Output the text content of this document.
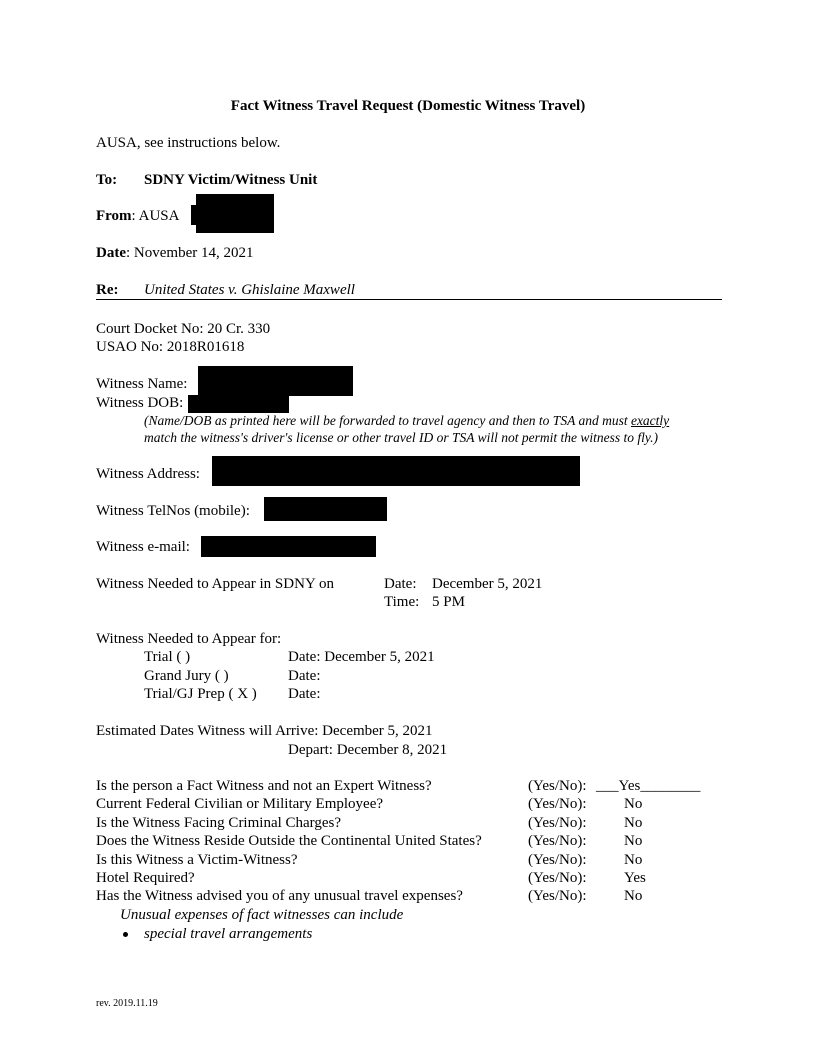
Fact Witness Travel Request (Domestic Witness Travel)
AUSA, see instructions below.
To: SDNY Victim/Witness Unit
From: AUSA
Date: November 14, 2021
Re: United States v. Ghislaine Maxwell
Court Docket No: 20 Cr. 330
USAO No: 2018R01618
Witness Name:
Witness DOB:
(Name/DOB as printed here will be forwarded to travel agency and then to TSA and must exactly
match the witness's driver's license or other travel ID or TSA will not permit the witness to fly.)
Witness Address:
Witness TelNos (mobile):
Witness e-mail:
Witness Needed to Appear in SDNY on	Date: December 5, 2021
Time: 5 PM
Witness Needed to Appear for:
Trial ( )	Date: December 5, 2021
Grand Jury ( )	Date:
Trial/GJ Prep ( X ) Date:
Estimated Dates Witness will Arrive: December 5, 2021
Depart: December 8, 2021
Is the person a Fact Witness and not an Expert Witness?	(Yes/No): ___Yes________
Current Federal Civilian or Military Employee?	(Yes/No):	No
Is the Witness Facing Criminal Charges?	(Yes/No):	No
Does the Witness Reside Outside the Continental United States?	(Yes/No):	No
Is this Witness a Victim-Witness?	(Yes/No):	No
Hotel Required?	(Yes/No):	Yes
Has the Witness advised you of any unusual travel expenses?	(Yes/No):	No
Unusual expenses of fact witnesses can include
special travel arrangements
rev. 2019.11.19
